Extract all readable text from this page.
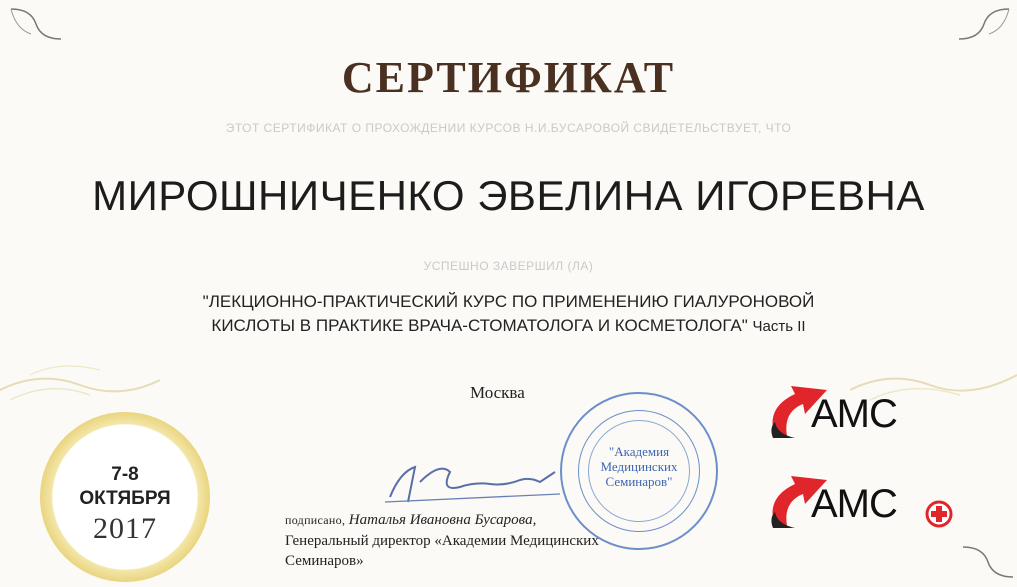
СЕРТИФИКАТ
ЭТОТ СЕРТИФИКАТ О ПРОХОЖДЕНИИ КУРСОВ Н.И.БУСАРОВОЙ СВИДЕТЕЛЬСТВУЕТ, ЧТО
МИРОШНИЧЕНКО ЭВЕЛИНА ИГОРЕВНА
УСПЕШНО ЗАВЕРШИЛ (ЛА)
"ЛЕКЦИОННО-ПРАКТИЧЕСКИЙ КУРС ПО ПРИМЕНЕНИЮ ГИАЛУРОНОВОЙ
КИСЛОТЫ В ПРАКТИКЕ ВРАЧА-СТОМАТОЛОГА И КОСМЕТОЛОГА" Часть II
Москва
7-8
ОКТЯБРЯ
2017
"Академия
Медицинских
Семинаров"
подписано, Наталья Ивановна Бусарова,
Генеральный директор «Академии Медицинских
Семинаров»
АМС
АМС
